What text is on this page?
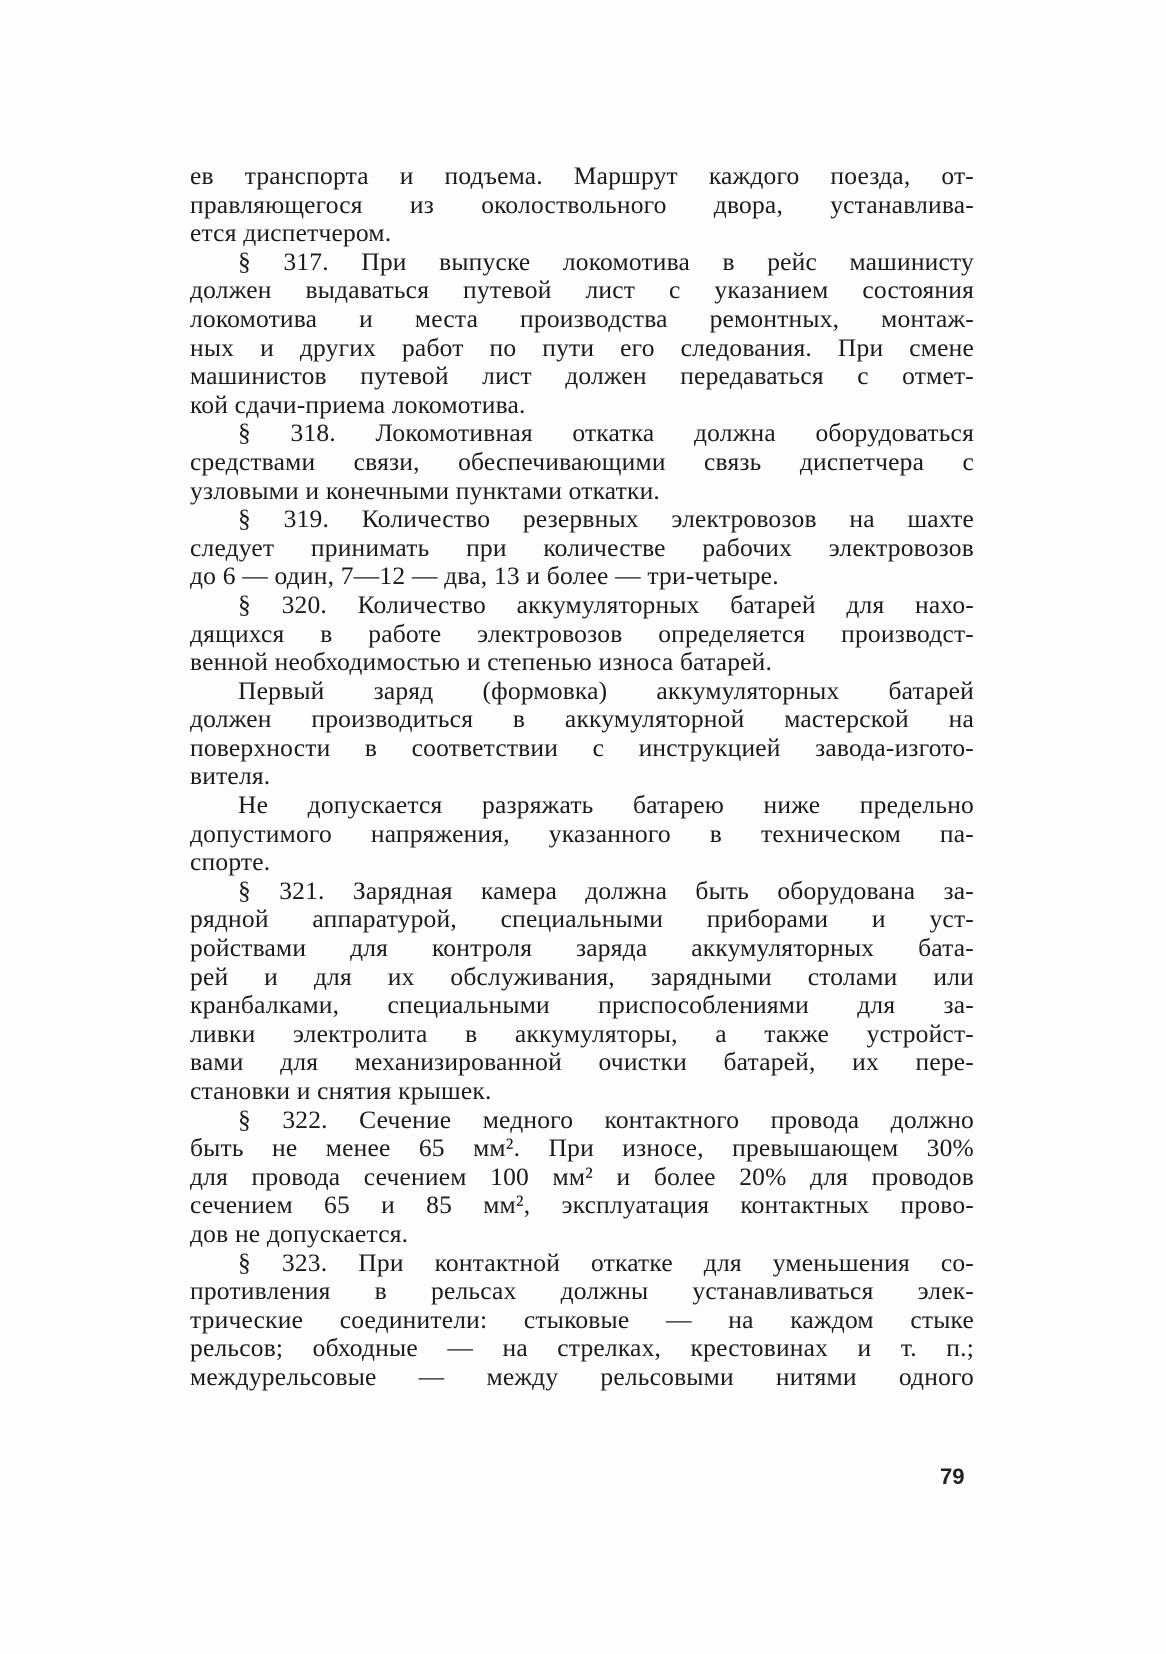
ев транспорта и подъема. Маршрут каждого поезда, от-
правляющегося из околоствольного двора, устанавлива-
ется диспетчером.
§ 317. При выпуске локомотива в рейс машинисту
должен выдаваться путевой лист с указанием состояния
локомотива и места производства ремонтных, монтаж-
ных и других работ по пути его следования. При смене
машинистов путевой лист должен передаваться с отмет-
кой сдачи-приема локомотива.
§ 318. Локомотивная откатка должна оборудоваться
средствами связи, обеспечивающими связь диспетчера с
узловыми и конечными пунктами откатки.
§ 319. Количество резервных электровозов на шахте
следует принимать при количестве рабочих электровозов
до 6 — один, 7—12 — два, 13 и более — три-четыре.
§ 320. Количество аккумуляторных батарей для нахо-
дящихся в работе электровозов определяется производст-
венной необходимостью и степенью износа батарей.
Первый заряд (формовка) аккумуляторных батарей
должен производиться в аккумуляторной мастерской на
поверхности в соответствии с инструкцией завода-изгото-
вителя.
Не допускается разряжать батарею ниже предельно
допустимого напряжения, указанного в техническом па-
спорте.
§ 321. Зарядная камера должна быть оборудована за-
рядной аппаратурой, специальными приборами и уст-
ройствами для контроля заряда аккумуляторных бата-
рей и для их обслуживания, зарядными столами или
кранбалками, специальными приспособлениями для за-
ливки электролита в аккумуляторы, а также устройст-
вами для механизированной очистки батарей, их пере-
становки и снятия крышек.
§ 322. Сечение медного контактного провода должно
быть не менее 65 мм². При износе, превышающем 30%
для провода сечением 100 мм² и более 20% для проводов
сечением 65 и 85 мм², эксплуатация контактных прово-
дов не допускается.
§ 323. При контактной откатке для уменьшения со-
противления в рельсах должны устанавливаться элек-
трические соединители: стыковые — на каждом стыке
рельсов; обходные — на стрелках, крестовинах и т. п.;
междурельсовые — между рельсовыми нитями одного
79
